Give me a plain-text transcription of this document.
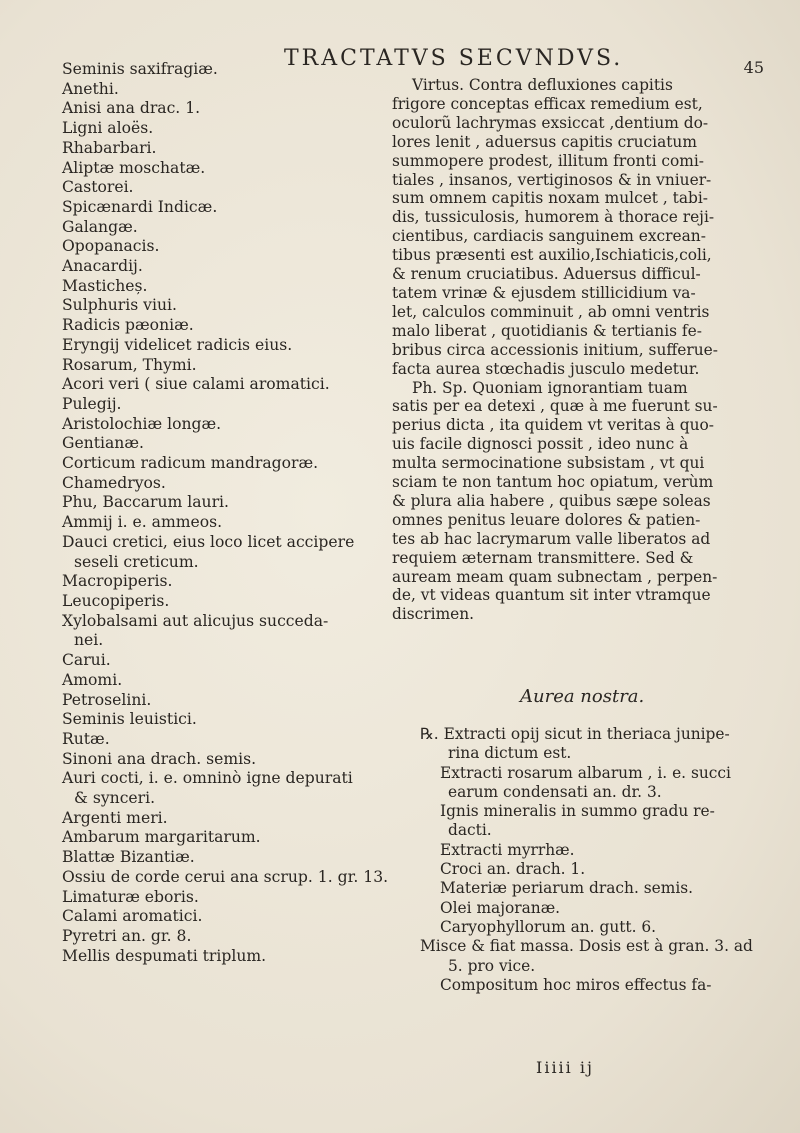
TRACTATVS SECVNDVS.	45
Seminis saxifragiæ.
Anethi.
Anisi ana drac. 1.
Ligni aloës.
Rhabarbari.
Aliptæ moschatæ.
Castorei.
Spicænardi Indicæ.
Galangæ.
Opopanacis.
Anacardij.
Masticheș.
Sulphuris viui.
Radicis pæoniæ.
Eryngij videlicet radicis eius.
Rosarum, Thymi.
Acori veri ( siue calami aromatici.
Pulegij.
Aristolochiæ longæ.
Gentianæ.
Corticum radicum mandragoræ.
Chamedryos.
Phu, Baccarum lauri.
Ammij i. e. ammeos.
Dauci cretici, eius loco licet accipere
seseli creticum.
Macropiperis.
Leucopiperis.
Xylobalsami aut alicujus succeda-
nei.
Carui.
Amomi.
Petroselini.
Seminis leuistici.
Rutæ.
Sinoni ana drach. semis.
Auri cocti, i. e. omninò igne depurati
& synceri.
Argenti meri.
Ambarum margaritarum.
Blattæ Bizantiæ.
Ossiu de corde cerui ana scrup. 1. gr. 13.
Limaturæ eboris.
Calami aromatici.
Pyretri an. gr. 8.
Mellis despumati triplum.
Virtus. Contra defluxiones capitis
frigore conceptas efficax remedium est,
oculorũ lachrymas exsiccat ,dentium do-
lores lenit , aduersus capitis cruciatum
summopere prodest, illitum fronti comi-
tiales , insanos, vertiginosos & in vniuer-
sum omnem capitis noxam mulcet , tabi-
dis, tussiculosis, humorem à thorace reji-
cientibus, cardiacis sanguinem excrean-
tibus præsenti est auxilio,Ischiaticis,coli,
& renum cruciatibus. Aduersus difficul-
tatem vrinæ & ejusdem stillicidium va-
let, calculos comminuit , ab omni ventris
malo liberat , quotidianis & tertianis fe-
bribus circa accessionis initium, sufferue-
facta aurea stœchadis jusculo medetur.
Ph. Sp. Quoniam ignorantiam tuam
satis per ea detexi , quæ à me fuerunt su-
perius dicta , ita quidem vt veritas à quo-
uis facile dignosci possit , ideo nunc à
multa sermocinatione subsistam , vt qui
sciam te non tantum hoc opiatum, verùm
& plura alia habere , quibus sæpe soleas
omnes penitus leuare dolores & patien-
tes ab hac lacrymarum valle liberatos ad
requiem æternam transmittere. Sed &
auream meam quam subnectam , perpen-
de, vt videas quantum sit inter vtramque
discrimen.
Aurea nostra.
℞. Extracti opij sicut in theriaca junipe-
rina dictum est.
Extracti rosarum albarum , i. e. succi
earum condensati an. dr. 3.
Ignis mineralis in summo gradu re-
dacti.
Extracti myrrhæ.
Croci an. drach. 1.
Materiæ periarum drach. semis.
Olei majoranæ.
Caryophyllorum an. gutt. 6.
Misce & fiat massa. Dosis est à gran. 3. ad
5. pro vice.
Compositum hoc miros effectus fa-
Iiiii ij
